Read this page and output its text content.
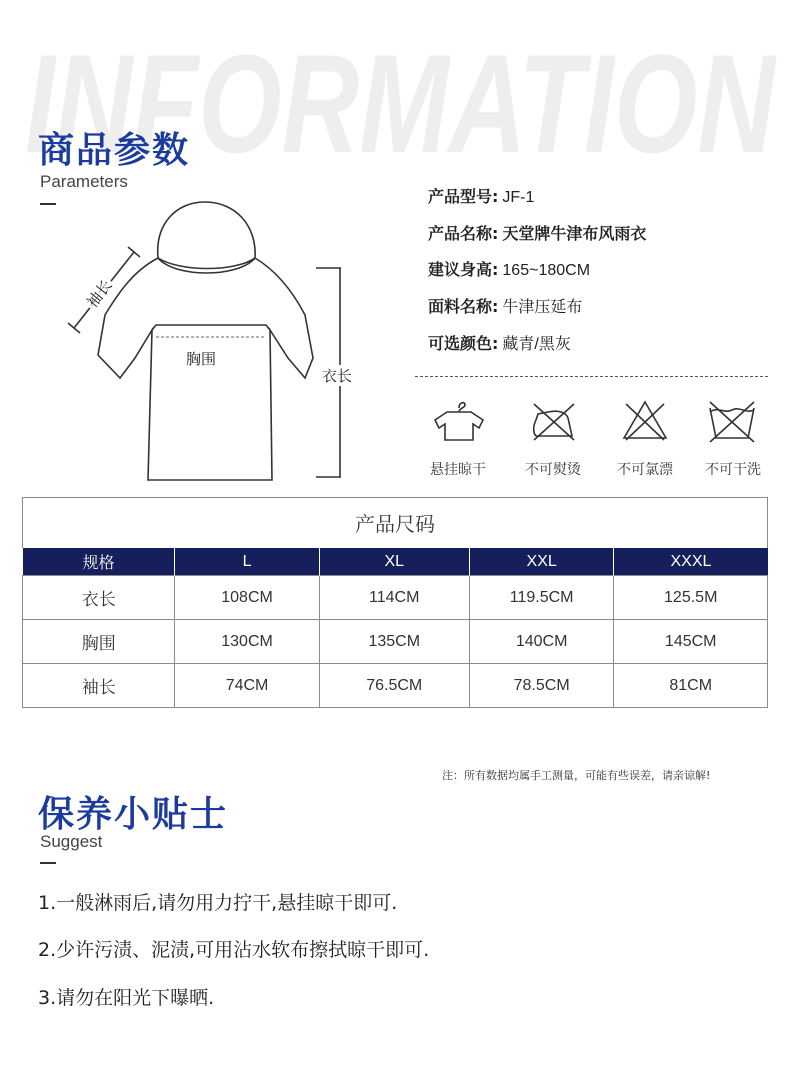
INFORMATION
商品参数
Parameters
袖长
胸围
衣长
产品型号: JF-1
产品名称: 天堂牌牛津布风雨衣
建议身高: 165~180CM
面料名称: 牛津压延布
可选颜色: 藏青/黑灰
悬挂晾干	不可熨烫	不可氯漂	不可干洗
产品尺码
规格	L	XL	XXL	XXXL
衣长	108CM	114CM	119.5CM	125.5M
胸围	130CM	135CM	140CM	145CM
袖长	74CM	76.5CM	78.5CM	81CM
注：所有数据均属手工测量，可能有些误差，请亲谅解!
保养小贴士
Suggest
1.一般淋雨后,请勿用力拧干,悬挂晾干即可.
2.少许污渍、泥渍,可用沾水软布擦拭晾干即可.
3.请勿在阳光下曝晒.
